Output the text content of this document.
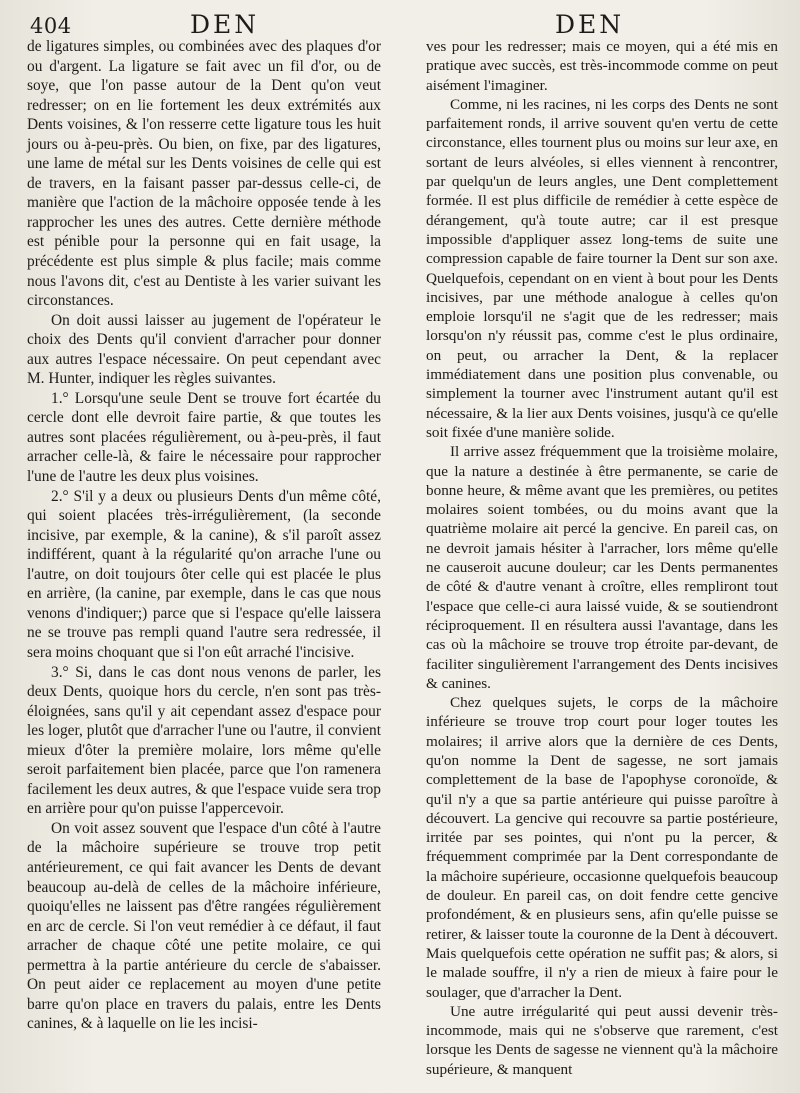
404	DEN	DEN

de ligatures simples, ou combinées avec des plaques d'or ou d'argent. La ligature se fait avec un fil d'or, ou de soye, que l'on passe autour de la Dent qu'on veut redresser; on en lie fortement les deux extrémités aux Dents voisines, & l'on resserre cette ligature tous les huit jours ou à-peu-près. Ou bien, on fixe, par des ligatures, une lame de métal sur les Dents voisines de celle qui est de travers, en la faisant passer par-dessus celle-ci, de manière que l'action de la mâchoire opposée tende à les rapprocher les unes des autres. Cette dernière méthode est pénible pour la personne qui en fait usage, la précédente est plus simple & plus facile; mais comme nous l'avons dit, c'est au Dentiste à les varier suivant les circonstances.

On doit aussi laisser au jugement de l'opérateur le choix des Dents qu'il convient d'arracher pour donner aux autres l'espace nécessaire. On peut cependant avec M. Hunter, indiquer les règles suivantes.

1.° Lorsqu'une seule Dent se trouve fort écartée du cercle dont elle devroit faire partie, & que toutes les autres sont placées régulièrement, ou à-peu-près, il faut arracher celle-là, & faire le nécessaire pour rapprocher l'une de l'autre les deux plus voisines.

2.° S'il y a deux ou plusieurs Dents d'un même côté, qui soient placées très-irrégulièrement, (la seconde incisive, par exemple, & la canine), & s'il paroît assez indifférent, quant à la régularité qu'on arrache l'une ou l'autre, on doit toujours ôter celle qui est placée le plus en arrière, (la canine, par exemple, dans le cas que nous venons d'indiquer;) parce que si l'espace qu'elle laissera ne se trouve pas rempli quand l'autre sera redressée, il sera moins choquant que si l'on eût arraché l'incisive.

3.° Si, dans le cas dont nous venons de parler, les deux Dents, quoique hors du cercle, n'en sont pas très-éloignées, sans qu'il y ait cependant assez d'espace pour les loger, plutôt que d'arracher l'une ou l'autre, il convient mieux d'ôter la première molaire, lors même qu'elle seroit parfaitement bien placée, parce que l'on ramenera facilement les deux autres, & que l'espace vuide sera trop en arrière pour qu'on puisse l'appercevoir.

On voit assez souvent que l'espace d'un côté à l'autre de la mâchoire supérieure se trouve trop petit antérieurement, ce qui fait avancer les Dents de devant beaucoup au-delà de celles de la mâchoire inférieure, quoiqu'elles ne laissent pas d'être rangées régulièrement en arc de cercle. Si l'on veut remédier à ce défaut, il faut arracher de chaque côté une petite molaire, ce qui permettra à la partie antérieure du cercle de s'abaisser. On peut aider ce replacement au moyen d'une petite barre qu'on place en travers du palais, entre les Dents canines, & à laquelle on lie les incisi-

ves pour les redresser; mais ce moyen, qui a été mis en pratique avec succès, est très-incommode comme on peut aisément l'imaginer.

Comme, ni les racines, ni les corps des Dents ne sont parfaitement ronds, il arrive souvent qu'en vertu de cette circonstance, elles tournent plus ou moins sur leur axe, en sortant de leurs alvéoles, si elles viennent à rencontrer, par quelqu'un de leurs angles, une Dent complettement formée. Il est plus difficile de remédier à cette espèce de dérangement, qu'à toute autre; car il est presque impossible d'appliquer assez long-tems de suite une compression capable de faire tourner la Dent sur son axe. Quelquefois, cependant on en vient à bout pour les Dents incisives, par une méthode analogue à celles qu'on emploie lorsqu'il ne s'agit que de les redresser; mais lorsqu'on n'y réussit pas, comme c'est le plus ordinaire, on peut, ou arracher la Dent, & la replacer immédiatement dans une position plus convenable, ou simplement la tourner avec l'instrument autant qu'il est nécessaire, & la lier aux Dents voisines, jusqu'à ce qu'elle soit fixée d'une manière solide.

Il arrive assez fréquemment que la troisième molaire, que la nature a destinée à être permanente, se carie de bonne heure, & même avant que les premières, ou petites molaires soient tombées, ou du moins avant que la quatrième molaire ait percé la gencive. En pareil cas, on ne devroit jamais hésiter à l'arracher, lors même qu'elle ne causeroit aucune douleur; car les Dents permanentes de côté & d'autre venant à croître, elles rempliront tout l'espace que celle-ci aura laissé vuide, & se soutiendront réciproquement. Il en résultera aussi l'avantage, dans les cas où la mâchoire se trouve trop étroite par-devant, de faciliter singulièrement l'arrangement des Dents incisives & canines.

Chez quelques sujets, le corps de la mâchoire inférieure se trouve trop court pour loger toutes les molaires; il arrive alors que la dernière de ces Dents, qu'on nomme la Dent de sagesse, ne sort jamais complettement de la base de l'apophyse coronoïde, & qu'il n'y a que sa partie antérieure qui puisse paroître à découvert. La gencive qui recouvre sa partie postérieure, irritée par ses pointes, qui n'ont pu la percer, & fréquemment comprimée par la Dent correspondante de la mâchoire supérieure, occasionne quelquefois beaucoup de douleur. En pareil cas, on doit fendre cette gencive profondément, & en plusieurs sens, afin qu'elle puisse se retirer, & laisser toute la couronne de la Dent à découvert. Mais quelquefois cette opération ne suffit pas; & alors, si le malade souffre, il n'y a rien de mieux à faire pour le soulager, que d'arracher la Dent.

Une autre irrégularité qui peut aussi devenir très-incommode, mais qui ne s'observe que rarement, c'est lorsque les Dents de sagesse ne viennent qu'à la mâchoire supérieure, & manquent
